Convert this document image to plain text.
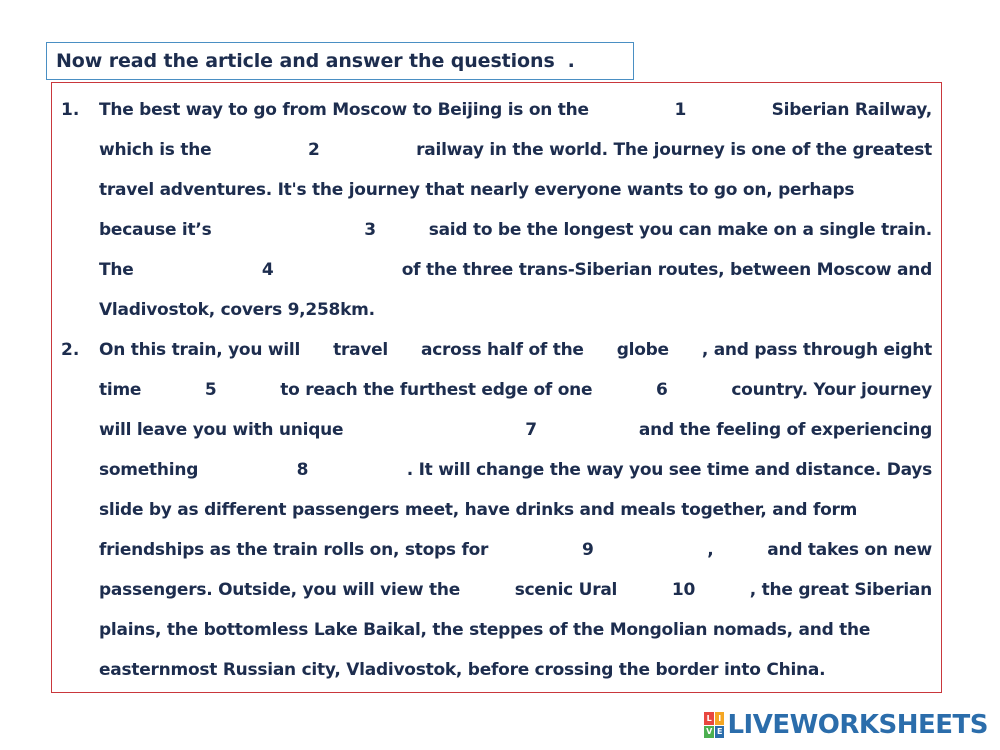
Now read the article and answer the questions  .
1. The best way to go from Moscow to Beijing is on the	1	Siberian Railway,
which is the	2	railway in the world. The journey is one of the greatest
travel adventures. It's the journey that nearly everyone wants to go on, perhaps
because it’s	3	said to be the longest you can make on a single train.
The	4	of the three trans-Siberian routes, between Moscow and
Vladivostok, covers 9,258km.
2. On this train, you will travel across half of the globe , and pass through eight
time	5	to reach the furthest edge of one	6	country. Your journey
will leave you with unique	7	and the feeling of experiencing
something	8	. It will change the way you see time and distance. Days
slide by as different passengers meet, have drinks and meals together, and form
friendships as the train rolls on, stops for	9	,	and takes on new
passengers. Outside, you will view the	scenic Ural	10	, the great Siberian
plains, the bottomless Lake Baikal, the steppes of the Mongolian nomads, and the
easternmost Russian city, Vladivostok, before crossing the border into China.
L I
V E LIVEWORKSHEETS
